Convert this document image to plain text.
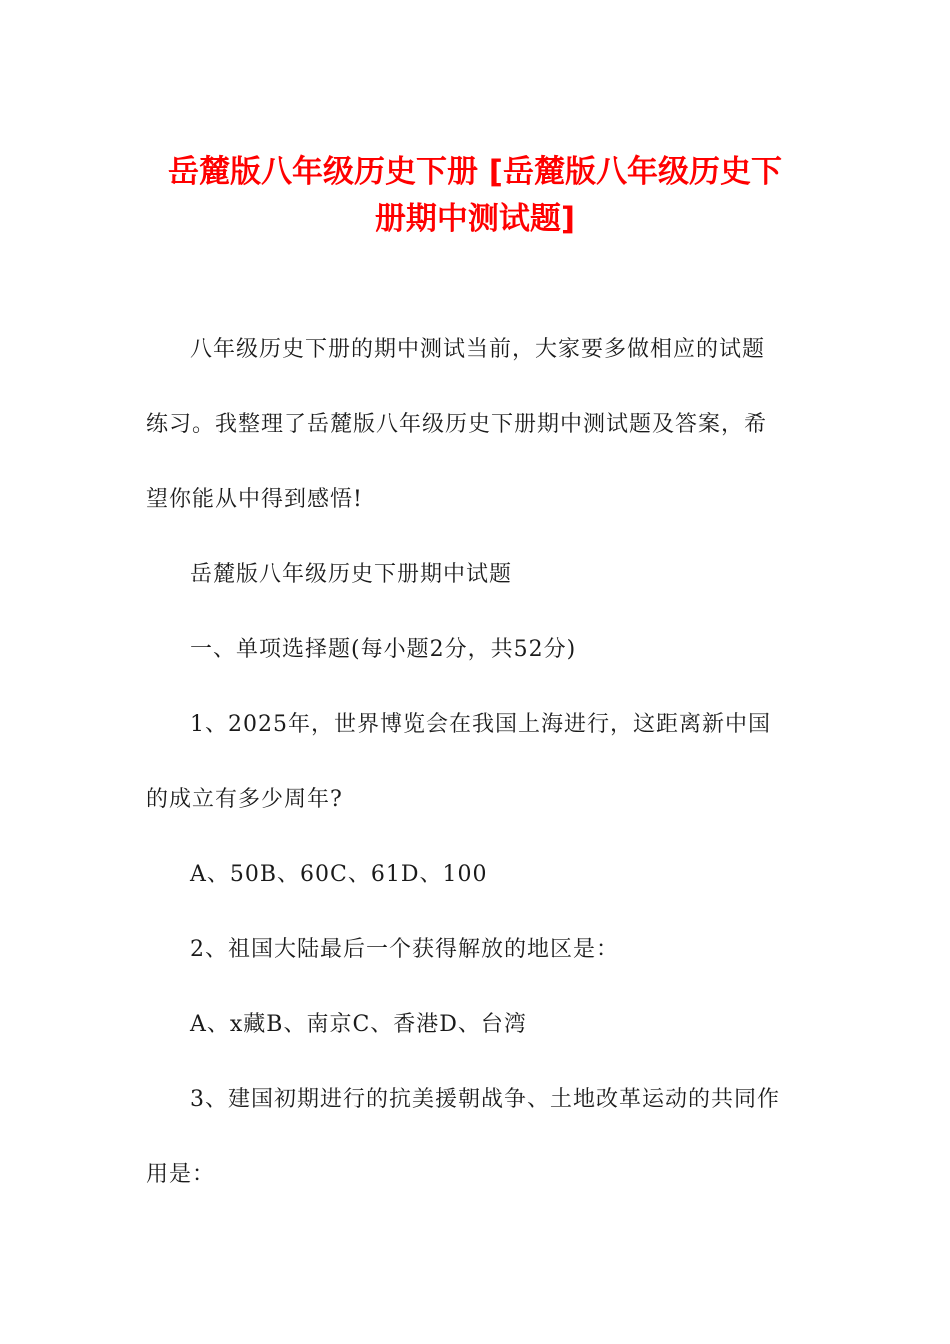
岳麓版八年级历史下册 [岳麓版八年级历史下
册期中测试题]
八年级历史下册的期中测试当前，大家要多做相应的试题
练习。我整理了岳麓版八年级历史下册期中测试题及答案，希
望你能从中得到感悟!
岳麓版八年级历史下册期中试题
一、单项选择题(每小题2分，共52分)
1、2025年，世界博览会在我国上海进行，这距离新中国
的成立有多少周年?
A、50B、60C、61D、100
2、祖国大陆最后一个获得解放的地区是：
A、x藏B、南京C、香港D、台湾
3、建国初期进行的抗美援朝战争、土地改革运动的共同作
用是：
